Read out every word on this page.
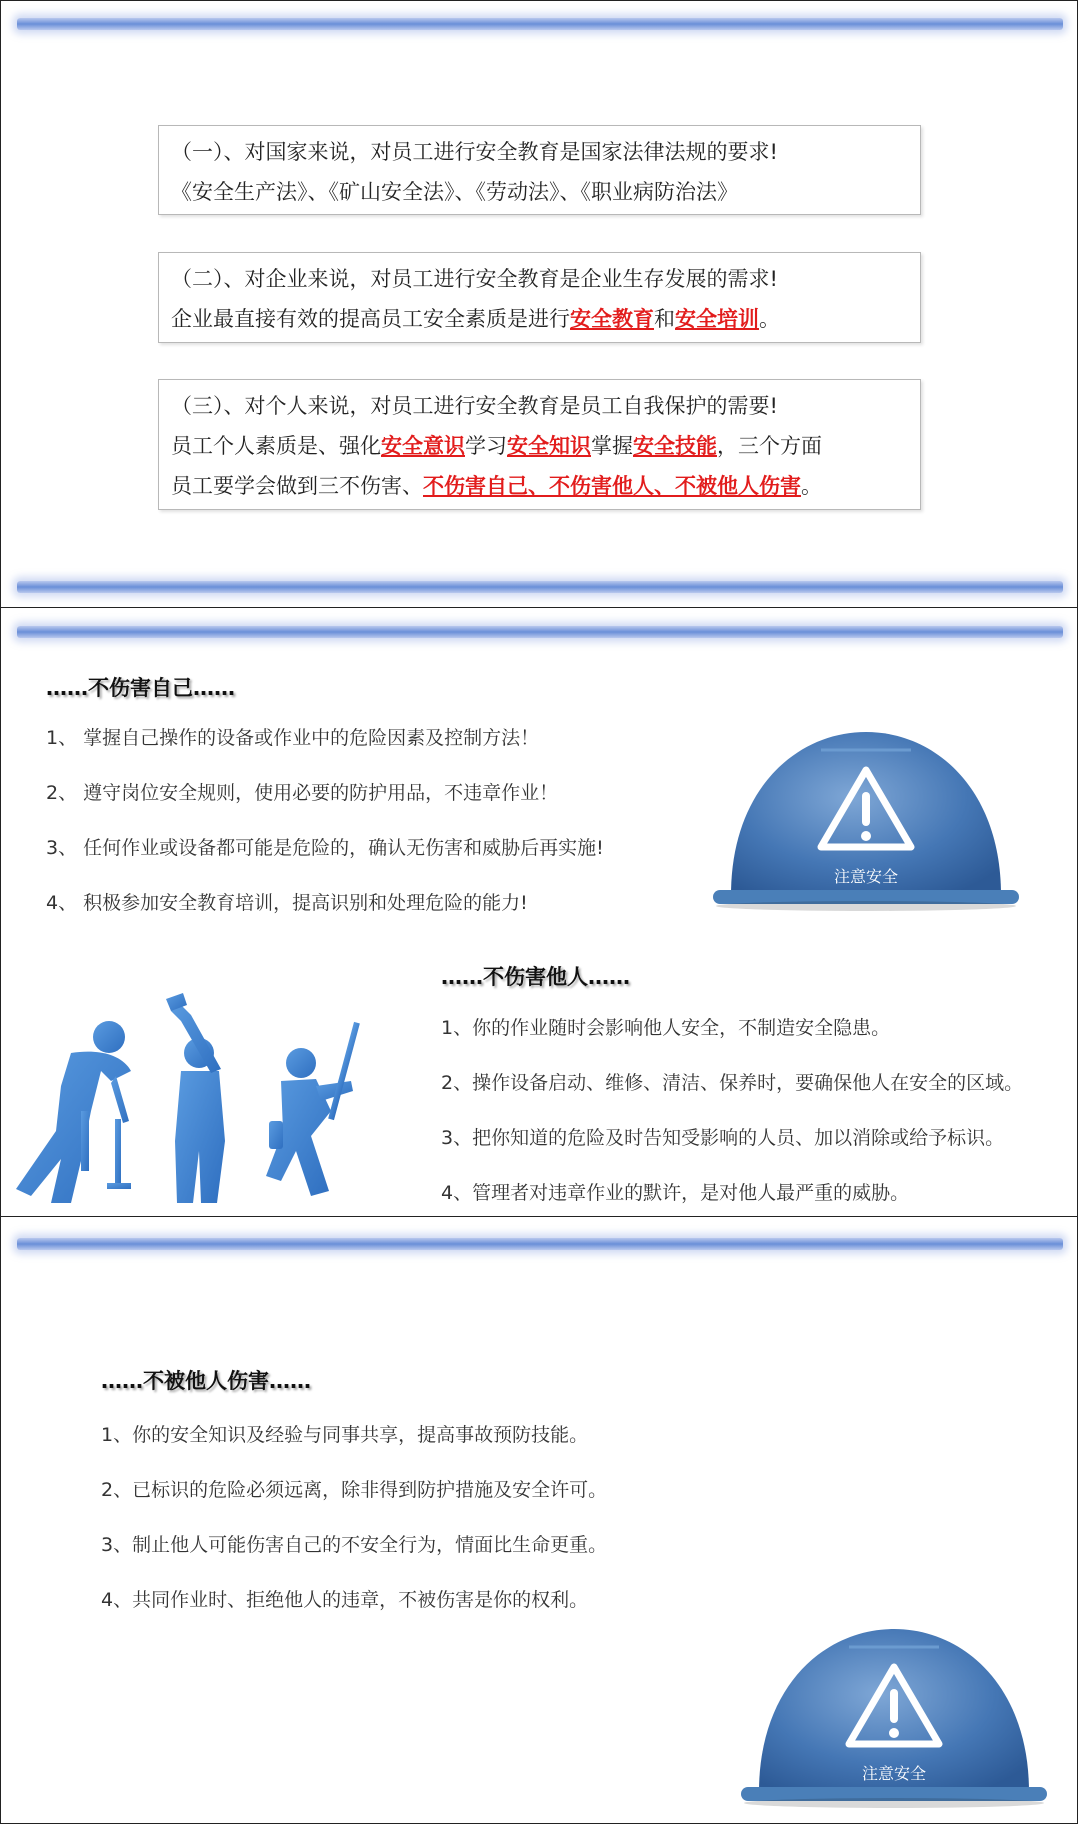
（一）、对国家来说，对员工进行安全教育是国家法律法规的要求!
《安全生产法》、《矿山安全法》、《劳动法》、《职业病防治法》
（二）、对企业来说，对员工进行安全教育是企业生存发展的需求!
企业最直接有效的提高员工安全素质是进行安全教育和安全培训。
（三）、对个人来说，对员工进行安全教育是员工自我保护的需要!
员工个人素质是、强化安全意识学习安全知识掌握安全技能，三个方面
员工要学会做到三不伤害、不伤害自己、不伤害他人、不被他人伤害。
……不伤害自己……
1、 掌握自己操作的设备或作业中的危险因素及控制方法！
2、 遵守岗位安全规则，使用必要的防护用品，不违章作业！
3、 任何作业或设备都可能是危险的，确认无伤害和威胁后再实施!
4、 积极参加安全教育培训，提高识别和处理危险的能力!
注意安全
……不伤害他人……
1、你的作业随时会影响他人安全，不制造安全隐患。
2、操作设备启动、维修、清洁、保养时，要确保他人在安全的区域。
3、把你知道的危险及时告知受影响的人员、加以消除或给予标识。
4、管理者对违章作业的默许，是对他人最严重的威胁。
……不被他人伤害……
1、你的安全知识及经验与同事共享，提高事故预防技能。
2、已标识的危险必须远离，除非得到防护措施及安全许可。
3、制止他人可能伤害自己的不安全行为，情面比生命更重。
4、共同作业时、拒绝他人的违章，不被伤害是你的权利。
注意安全
